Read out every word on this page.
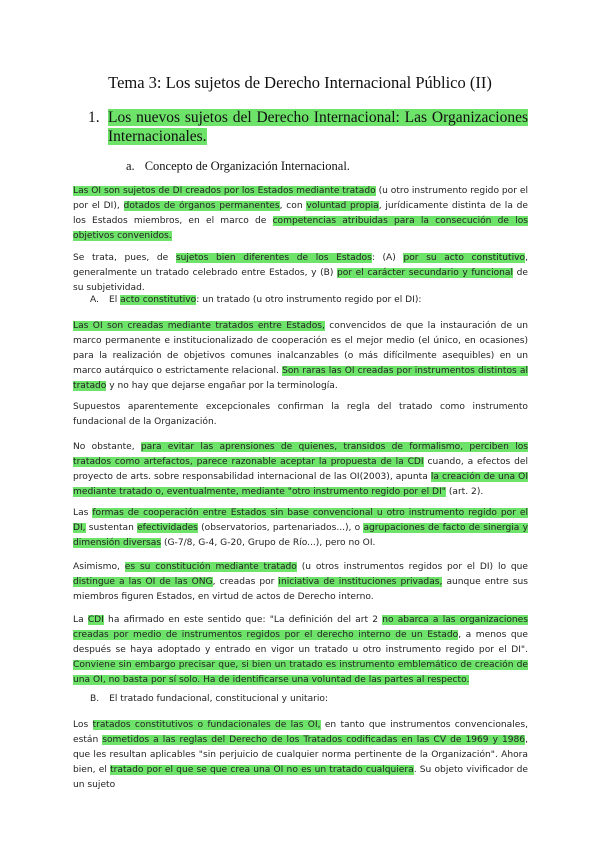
Tema 3: Los sujetos de Derecho Internacional Público (II)
1. Los nuevos sujetos del Derecho Internacional: Las Organizaciones Internacionales.
a. Concepto de Organización Internacional.

Las OI son sujetos de DI creados por los Estados mediante tratado (u otro instrumento regido por el por el DI), dotados de órganos permanentes, con voluntad propia, jurídicamente distinta de la de los Estados miembros, en el marco de competencias atribuidas para la consecución de los objetivos convenidos.

Se trata, pues, de sujetos bien diferentes de los Estados: (A) por su acto constitutivo, generalmente un tratado celebrado entre Estados, y (B) por el carácter secundario y funcional de su subjetividad.

A. El acto constitutivo: un tratado (u otro instrumento regido por el DI):

Las OI son creadas mediante tratados entre Estados, convencidos de que la instauración de un marco permanente e institucionalizado de cooperación es el mejor medio (el único, en ocasiones) para la realización de objetivos comunes inalcanzables (o más difícilmente asequibles) en un marco autárquico o estrictamente relacional. Son raras las OI creadas por instrumentos distintos al tratado y no hay que dejarse engañar por la terminología.

Supuestos aparentemente excepcionales confirman la regla del tratado como instrumento fundacional de la Organización.

No obstante, para evitar las aprensiones de quienes, transidos de formalismo, perciben los tratados como artefactos, parece razonable aceptar la propuesta de la CDI cuando, a efectos del proyecto de arts. sobre responsabilidad internacional de las OI(2003), apunta la creación de una OI mediante tratado o, eventualmente, mediante "otro instrumento regido por el DI" (art. 2).

Las formas de cooperación entre Estados sin base convencional u otro instrumento regido por el DI, sustentan efectividades (observatorios, partenariados...), o agrupaciones de facto de sinergia y dimensión diversas (G-7/8, G-4, G-20, Grupo de Río...), pero no OI.

Asimismo, es su constitución mediante tratado (u otros instrumentos regidos por el DI) lo que distingue a las OI de las ONG, creadas por iniciativa de instituciones privadas, aunque entre sus miembros figuren Estados, en virtud de actos de Derecho interno.

La CDI ha afirmado en este sentido que: "La definición del art 2 no abarca a las organizaciones creadas por medio de instrumentos regidos por el derecho interno de un Estado, a menos que después se haya adoptado y entrado en vigor un tratado u otro instrumento regido por el DI". Conviene sin embargo precisar que, si bien un tratado es instrumento emblemático de creación de una OI, no basta por sí solo. Ha de identificarse una voluntad de las partes al respecto.

B. El tratado fundacional, constitucional y unitario:

Los tratados constitutivos o fundacionales de las OI, en tanto que instrumentos convencionales, están sometidos a las reglas del Derecho de los Tratados codificadas en las CV de 1969 y 1986, que les resultan aplicables "sin perjuicio de cualquier norma pertinente de la Organización". Ahora bien, el tratado por el que se que crea una OI no es un tratado cualquiera. Su objeto vivificador de un sujeto
